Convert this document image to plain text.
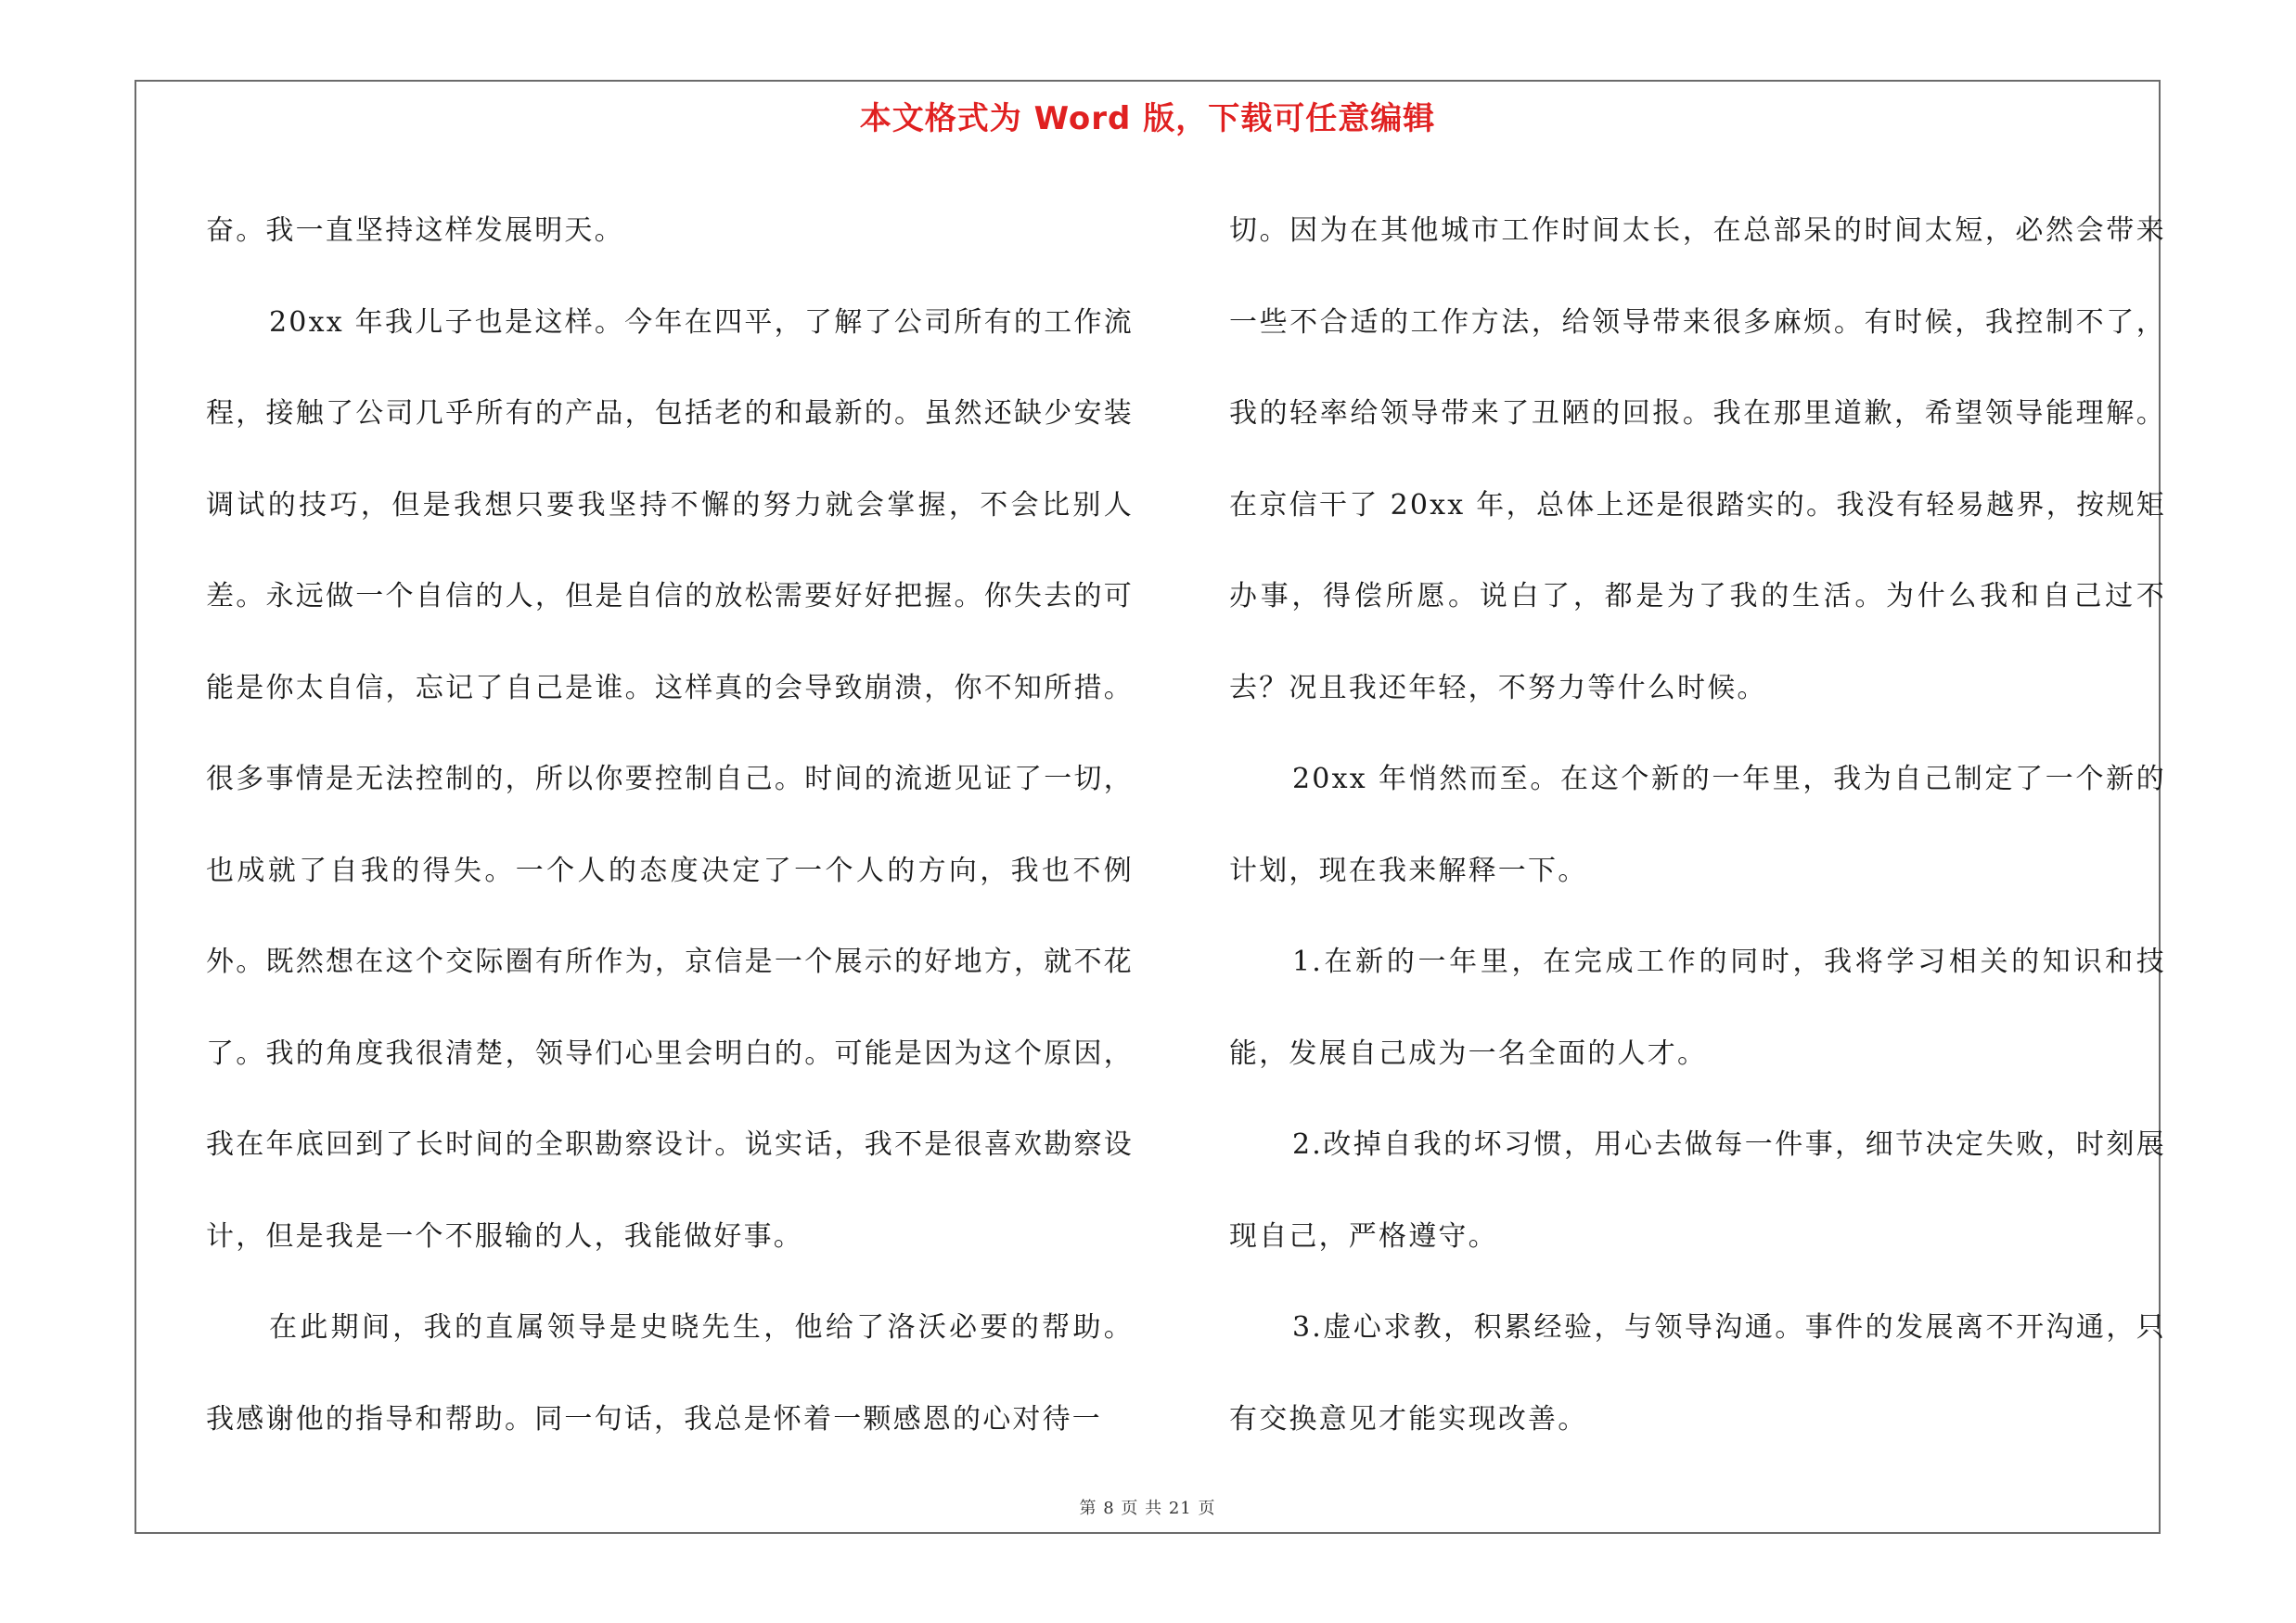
本文格式为 Word 版，下载可任意编辑

奋。我一直坚持这样发展明天。

20xx 年我儿子也是这样。今年在四平，了解了公司所有的工作流程，接触了公司几乎所有的产品，包括老的和最新的。虽然还缺少安装调试的技巧，但是我想只要我坚持不懈的努力就会掌握，不会比别人差。永远做一个自信的人，但是自信的放松需要好好把握。你失去的可能是你太自信，忘记了自己是谁。这样真的会导致崩溃，你不知所措。很多事情是无法控制的，所以你要控制自己。时间的流逝见证了一切，也成就了自我的得失。一个人的态度决定了一个人的方向，我也不例外。既然想在这个交际圈有所作为，京信是一个展示的好地方，就不花了。我的角度我很清楚，领导们心里会明白的。可能是因为这个原因，我在年底回到了长时间的全职勘察设计。说实话，我不是很喜欢勘察设计，但是我是一个不服输的人，我能做好事。

在此期间，我的直属领导是史晓先生，他给了洛沃必要的帮助。我感谢他的指导和帮助。同一句话，我总是怀着一颗感恩的心对待一

切。因为在其他城市工作时间太长，在总部呆的时间太短，必然会带来一些不合适的工作方法，给领导带来很多麻烦。有时候，我控制不了，我的轻率给领导带来了丑陋的回报。我在那里道歉，希望领导能理解。在京信干了 20xx 年，总体上还是很踏实的。我没有轻易越界，按规矩办事，得偿所愿。说白了，都是为了我的生活。为什么我和自己过不去？况且我还年轻，不努力等什么时候。

20xx 年悄然而至。在这个新的一年里，我为自己制定了一个新的计划，现在我来解释一下。

1.在新的一年里，在完成工作的同时，我将学习相关的知识和技能，发展自己成为一名全面的人才。

2.改掉自我的坏习惯，用心去做每一件事，细节决定失败，时刻展现自己，严格遵守。

3.虚心求教，积累经验，与领导沟通。事件的发展离不开沟通，只有交换意见才能实现改善。

第 8 页 共 21 页
